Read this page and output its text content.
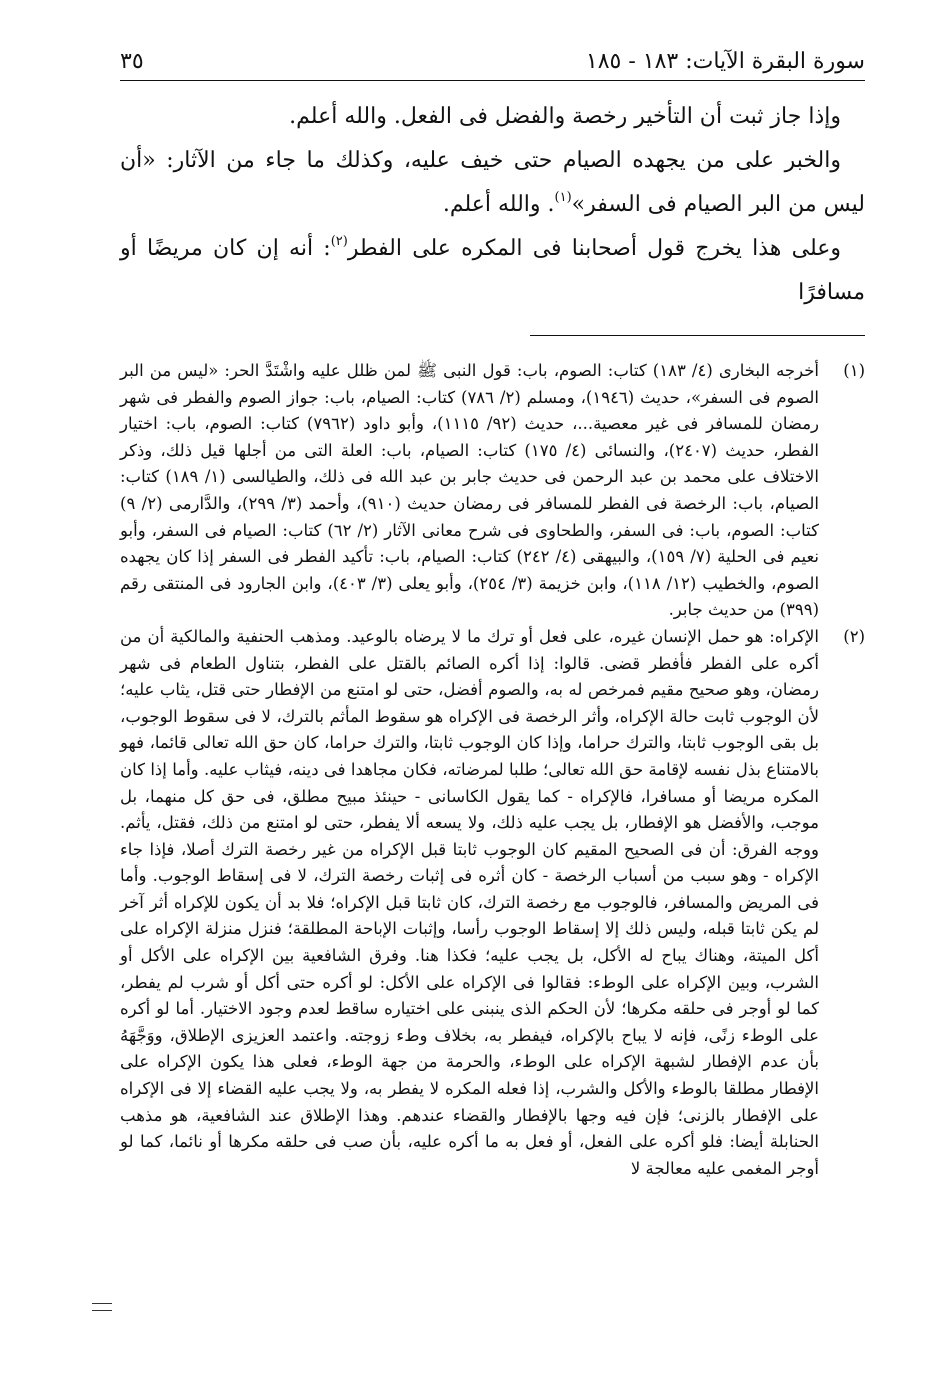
سورة البقرة الآيات: ١٨٣ - ١٨٥
٣٥

وإذا جاز ثبت أن التأخير رخصة والفضل فى الفعل. والله أعلم.

والخبر على من يجهده الصيام حتى خيف عليه، وكذلك ما جاء من الآثار: «أن ليس من البر الصيام فى السفر»$^{(١)}$. والله أعلم.

وعلى هذا يخرج قول أصحابنا فى المكره على الفطر$^{(٢)}$: أنه إن كان مريضًا أو مسافرًا

(١)
أخرجه البخارى (٤/ ١٨٣) كتاب: الصوم، باب: قول النبى ﷺ لمن ظلل عليه واشْتَدَّ الحر: «ليس من البر الصوم فى السفر»، حديث (١٩٤٦)، ومسلم (٢/ ٧٨٦) كتاب: الصيام، باب: جواز الصوم والفطر فى شهر رمضان للمسافر فى غير معصية...، حديث (٩٢/ ١١١٥)، وأبو داود (٧٩٦٢) كتاب: الصوم، باب: اختيار الفطر، حديث (٢٤٠٧)، والنسائى (٤/ ١٧٥) كتاب: الصيام، باب: العلة التى من أجلها قيل ذلك، وذكر الاختلاف على محمد بن عبد الرحمن فى حديث جابر بن عبد الله فى ذلك، والطيالسى (١/ ١٨٩) كتاب: الصيام، باب: الرخصة فى الفطر للمسافر فى رمضان حديث (٩١٠)، وأحمد (٣/ ٢٩٩)، والدَّارمى (٢/ ٩) كتاب: الصوم، باب: فى السفر، والطحاوى فى شرح معانى الآثار (٢/ ٦٢) كتاب: الصيام فى السفر، وأبو نعيم فى الحلية (٧/ ١٥٩)، والبيهقى (٤/ ٢٤٢) كتاب: الصيام، باب: تأكيد الفطر فى السفر إذا كان يجهده الصوم، والخطيب (١٢/ ١١٨)، وابن خزيمة (٣/ ٢٥٤)، وأبو يعلى (٣/ ٤٠٣)، وابن الجارود فى المنتقى رقم (٣٩٩) من حديث جابر.
(٢)
الإكراه: هو حمل الإنسان غيره، على فعل أو ترك ما لا يرضاه بالوعيد. ومذهب الحنفية والمالكية أن من أكره على الفطر فأفطر قضى. قالوا: إذا أكره الصائم بالقتل على الفطر، بتناول الطعام فى شهر رمضان، وهو صحيح مقيم فمرخص له به، والصوم أفضل، حتى لو امتنع من الإفطار حتى قتل، يثاب عليه؛ لأن الوجوب ثابت حالة الإكراه، وأثر الرخصة فى الإكراه هو سقوط المأثم بالترك، لا فى سقوط الوجوب، بل بقى الوجوب ثابتا، والترك حراما، وإذا كان الوجوب ثابتا، والترك حراما، كان حق الله تعالى قائما، فهو بالامتناع بذل نفسه لإقامة حق الله تعالى؛ طلبا لمرضاته، فكان مجاهدا فى دينه، فيثاب عليه. وأما إذا كان المكره مريضا أو مسافرا، فالإكراه - كما يقول الكاسانى - حينئذ مبيح مطلق، فى حق كل منهما، بل موجب، والأفضل هو الإفطار، بل يجب عليه ذلك، ولا يسعه ألا يفطر، حتى لو امتنع من ذلك، فقتل، يأثم. ووجه الفرق: أن فى الصحيح المقيم كان الوجوب ثابتا قبل الإكراه من غير رخصة الترك أصلا، فإذا جاء الإكراه - وهو سبب من أسباب الرخصة - كان أثره فى إثبات رخصة الترك، لا فى إسقاط الوجوب. وأما فى المريض والمسافر، فالوجوب مع رخصة الترك، كان ثابتا قبل الإكراه؛ فلا بد أن يكون للإكراه أثر آخر لم يكن ثابتا قبله، وليس ذلك إلا إسقاط الوجوب رأسا، وإثبات الإباحة المطلقة؛ فنزل منزلة الإكراه على أكل الميتة، وهناك يباح له الأكل، بل يجب عليه؛ فكذا هنا. وفرق الشافعية بين الإكراه على الأكل أو الشرب، وبين الإكراه على الوطء: فقالوا فى الإكراه على الأكل: لو أكره حتى أكل أو شرب لم يفطر، كما لو أوجر فى حلقه مكرها؛ لأن الحكم الذى ينبنى على اختياره ساقط لعدم وجود الاختيار. أما لو أكره على الوطء زنًى، فإنه لا يباح بالإكراه، فيفطر به، بخلاف وطء زوجته. واعتمد العزيزى الإطلاق، ووَجَّهَهُ بأن عدم الإفطار لشبهة الإكراه على الوطء، والحرمة من جهة الوطء، فعلى هذا يكون الإكراه على الإفطار مطلقا بالوطء والأكل والشرب، إذا فعله المكره لا يفطر به، ولا يجب عليه القضاء إلا فى الإكراه على الإفطار بالزنى؛ فإن فيه وجها بالإفطار والقضاء عندهم. وهذا الإطلاق عند الشافعية، هو مذهب الحنابلة أيضا: فلو أكره على الفعل، أو فعل به ما أكره عليه، بأن صب فى حلقه مكرها أو نائما، كما لو أوجر المغمى عليه معالجة لا
